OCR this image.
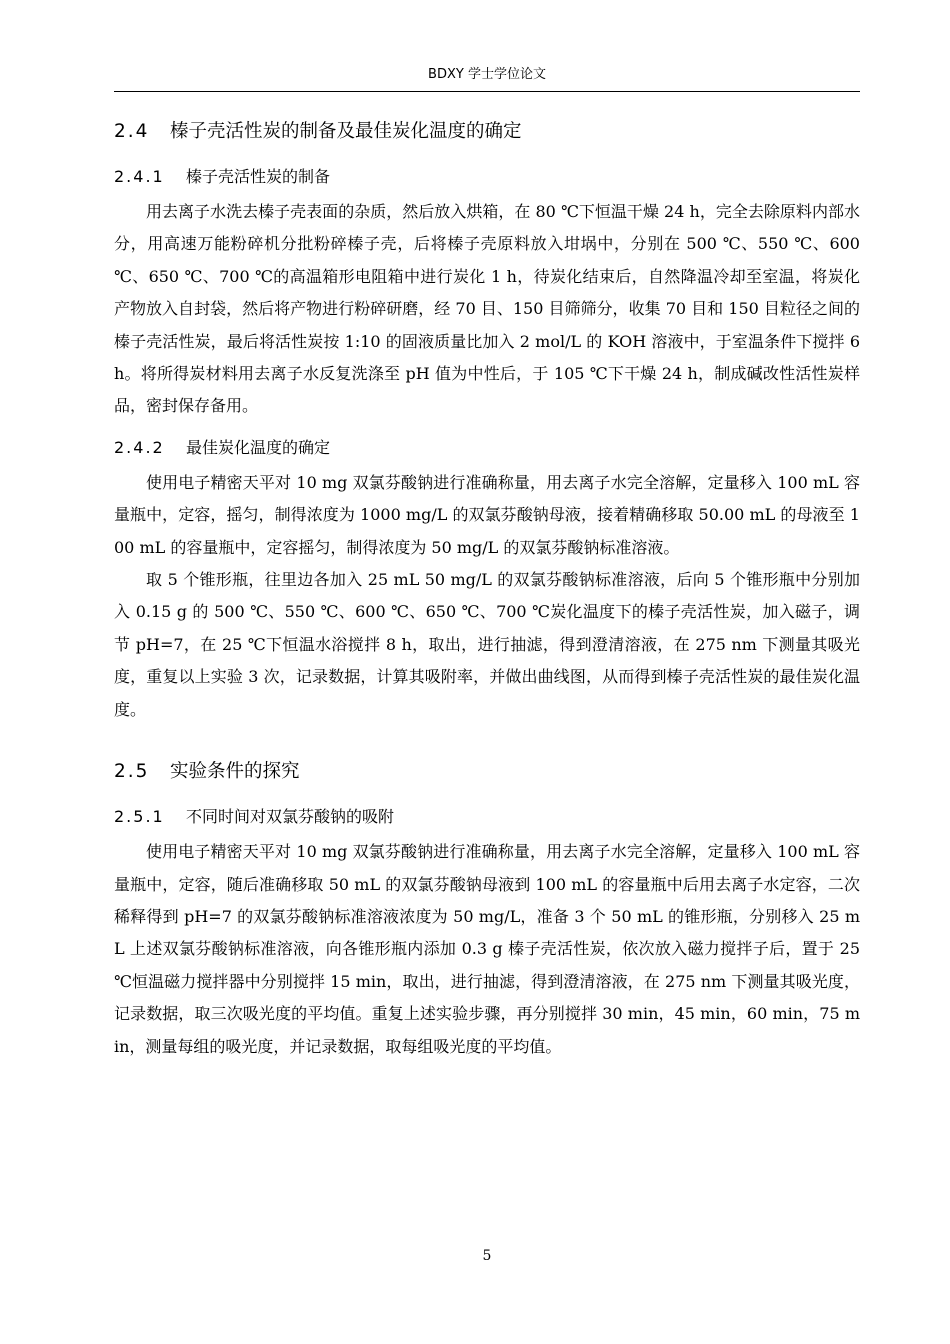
BDXY 学士学位论文
2.4 榛子壳活性炭的制备及最佳炭化温度的确定
2.4.1 榛子壳活性炭的制备

用去离子水洗去榛子壳表面的杂质，然后放入烘箱，在 80 ℃下恒温干燥 24 h，完全去除原料内部水分，用高速万能粉碎机分批粉碎榛子壳，后将榛子壳原料放入坩埚中，分别在 500 ℃、550 ℃、600 ℃、650 ℃、700 ℃的高温箱形电阻箱中进行炭化 1 h，待炭化结束后，自然降温冷却至室温，将炭化产物放入自封袋，然后将产物进行粉碎研磨，经 70 目、150 目筛筛分，收集 70 目和 150 目粒径之间的榛子壳活性炭，最后将活性炭按 1:10 的固液质量比加入 2 mol/L 的 KOH 溶液中，于室温条件下搅拌 6 h。将所得炭材料用去离子水反复洗涤至 pH 值为中性后，于 105 ℃下干燥 24 h，制成碱改性活性炭样品，密封保存备用。

2.4.2 最佳炭化温度的确定

使用电子精密天平对 10 mg 双氯芬酸钠进行准确称量，用去离子水完全溶解，定量移入 100 mL 容量瓶中，定容，摇匀，制得浓度为 1000 mg/L 的双氯芬酸钠母液，接着精确移取 50.00 mL 的母液至 100 mL 的容量瓶中，定容摇匀，制得浓度为 50 mg/L 的双氯芬酸钠标准溶液。

取 5 个锥形瓶，往里边各加入 25 mL 50 mg/L 的双氯芬酸钠标准溶液，后向 5 个锥形瓶中分别加入 0.15 g 的 500 ℃、550 ℃、600 ℃、650 ℃、700 ℃炭化温度下的榛子壳活性炭，加入磁子，调节 pH=7，在 25 ℃下恒温水浴搅拌 8 h，取出，进行抽滤，得到澄清溶液，在 275 nm 下测量其吸光度，重复以上实验 3 次，记录数据，计算其吸附率，并做出曲线图，从而得到榛子壳活性炭的最佳炭化温度。

2.5 实验条件的探究
2.5.1 不同时间对双氯芬酸钠的吸附

使用电子精密天平对 10 mg 双氯芬酸钠进行准确称量，用去离子水完全溶解，定量移入 100 mL 容量瓶中，定容，随后准确移取 50 mL 的双氯芬酸钠母液到 100 mL 的容量瓶中后用去离子水定容，二次稀释得到 pH=7 的双氯芬酸钠标准溶液浓度为 50 mg/L，准备 3 个 50 mL 的锥形瓶，分别移入 25 mL 上述双氯芬酸钠标准溶液，向各锥形瓶内添加 0.3 g 榛子壳活性炭，依次放入磁力搅拌子后，置于 25 ℃恒温磁力搅拌器中分别搅拌 15 min，取出，进行抽滤，得到澄清溶液，在 275 nm 下测量其吸光度，记录数据，取三次吸光度的平均值。重复上述实验步骤，再分别搅拌 30 min，45 min，60 min，75 min，测量每组的吸光度，并记录数据，取每组吸光度的平均值。

5
